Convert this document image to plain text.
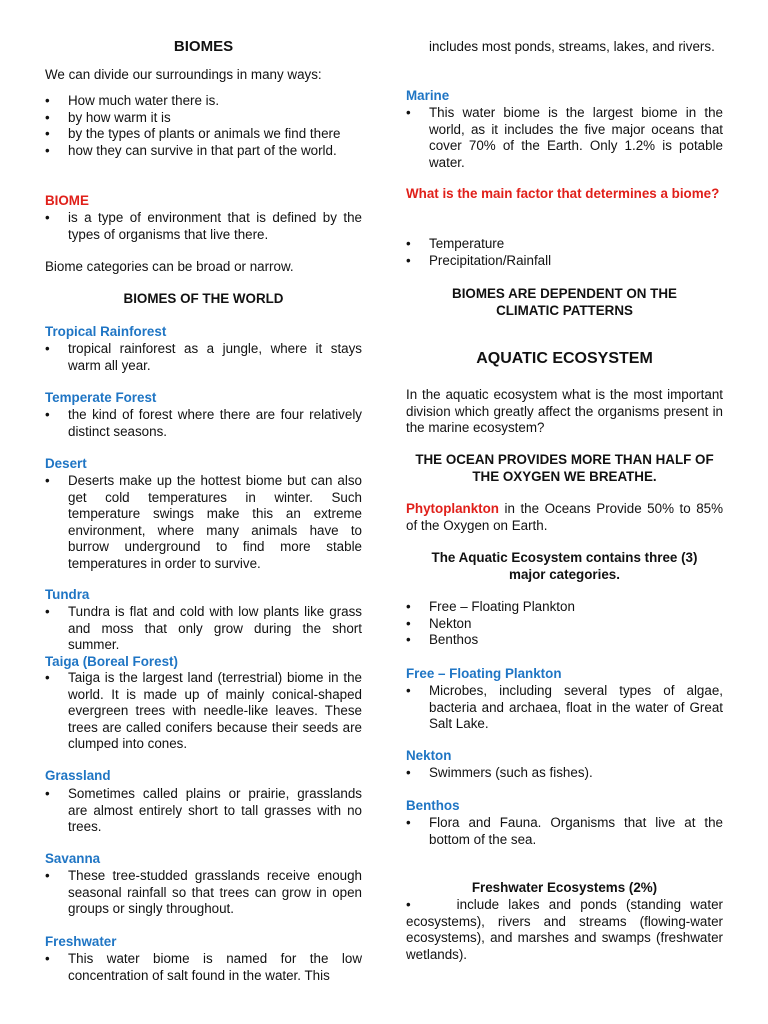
BIOMES

We can divide our surroundings in many ways:

• How much water there is.
• by how warm it is
• by the types of plants or animals we find there
• how they can survive in that part of the world.

BIOME

• is a type of environment that is defined by the types of organisms that live there.

Biome categories can be broad or narrow.

BIOMES OF THE WORLD

Tropical Rainforest

• tropical rainforest as a jungle, where it stays warm all year.

Temperate Forest

• the kind of forest where there are four relatively distinct seasons.

Desert

• Deserts make up the hottest biome but can also get cold temperatures in winter. Such temperature swings make this an extreme environment, where many animals have to burrow underground to find more stable temperatures in order to survive.

Tundra

• Tundra is flat and cold with low plants like grass and moss that only grow during the short summer.

Taiga (Boreal Forest)

• Taiga is the largest land (terrestrial) biome in the world. It is made up of mainly conical-shaped evergreen trees with needle-like leaves. These trees are called conifers because their seeds are clumped into cones.

Grassland

• Sometimes called plains or prairie, grasslands are almost entirely short to tall grasses with no trees.

Savanna

• These tree-studded grasslands receive enough seasonal rainfall so that trees can grow in open groups or singly throughout.

Freshwater

• This water biome is named for the low concentration of salt found in the water. This

includes most ponds, streams, lakes, and rivers.

Marine

• This water biome is the largest biome in the world, as it includes the five major oceans that cover 70% of the Earth. Only 1.2% is potable water.

What is the main factor that determines a biome?

• Temperature
• Precipitation/Rainfall

BIOMES ARE DEPENDENT ON THE CLIMATIC PATTERNS

AQUATIC ECOSYSTEM

In the aquatic ecosystem what is the most important division which greatly affect the organisms present in the marine ecosystem?

THE OCEAN PROVIDES MORE THAN HALF OF THE OXYGEN WE BREATHE.

Phytoplankton in the Oceans Provide 50% to 85% of the Oxygen on Earth.

The Aquatic Ecosystem contains three (3) major categories.

• Free – Floating Plankton
• Nekton
• Benthos

Free – Floating Plankton

• Microbes, including several types of algae, bacteria and archaea, float in the water of Great Salt Lake.

Nekton

• Swimmers (such as fishes).

Benthos

• Flora and Fauna. Organisms that live at the bottom of the sea.

Freshwater Ecosystems (2%)

•     include lakes and ponds (standing water ecosystems), rivers and streams (flowing-water ecosystems), and marshes and swamps (freshwater wetlands).
